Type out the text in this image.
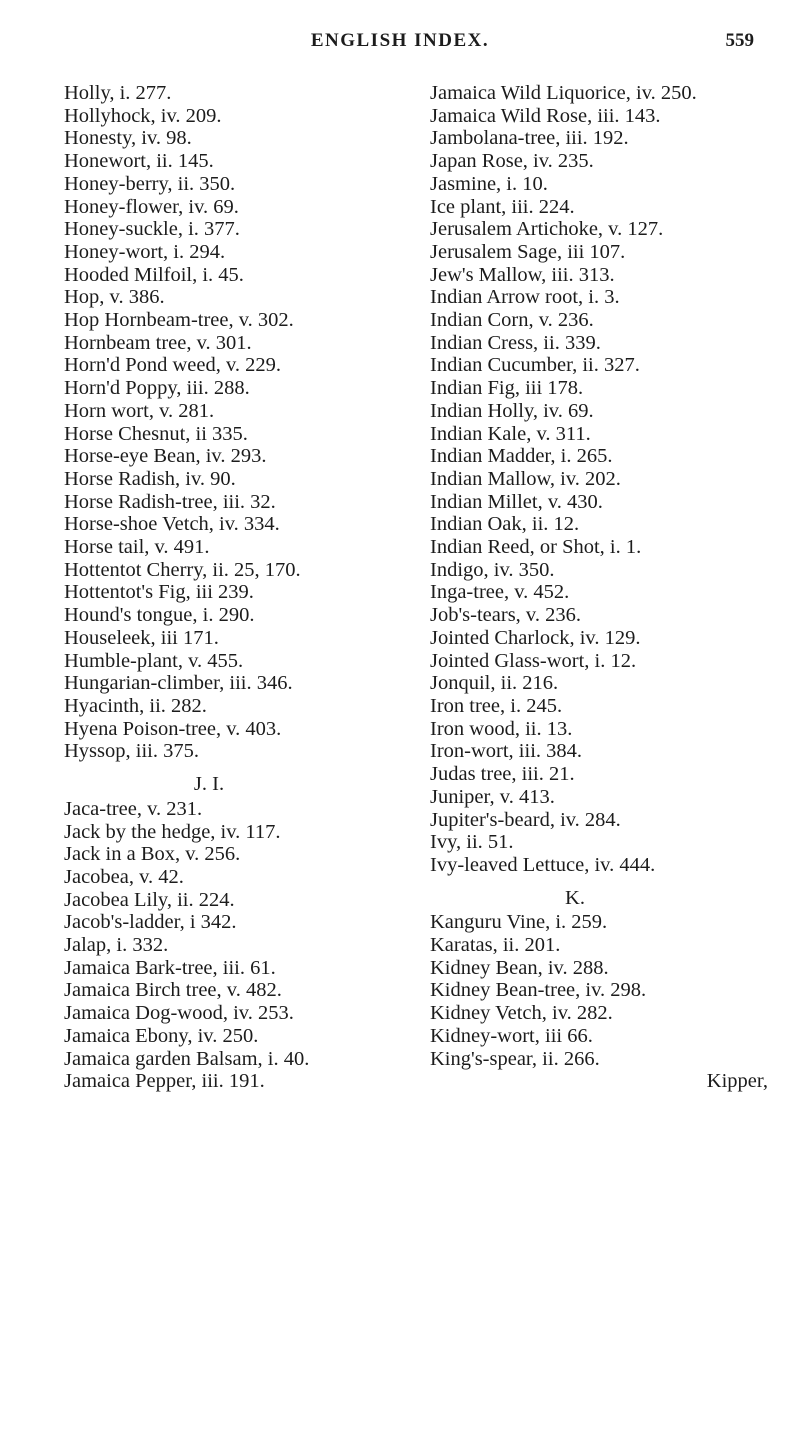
ENGLISH INDEX.	559
Holly, i. 277.
Hollyhock, iv. 209.
Honesty, iv. 98.
Honewort, ii. 145.
Honey-berry, ii. 350.
Honey-flower, iv. 69.
Honey-suckle, i. 377.
Honey-wort, i. 294.
Hooded Milfoil, i. 45.
Hop, v. 386.
Hop Hornbeam-tree, v. 302.
Hornbeam tree, v. 301.
Horn'd Pond weed, v. 229.
Horn'd Poppy, iii. 288.
Horn wort, v. 281.
Horse Chesnut, ii 335.
Horse-eye Bean, iv. 293.
Horse Radish, iv. 90.
Horse Radish-tree, iii. 32.
Horse-shoe Vetch, iv. 334.
Horse tail, v. 491.
Hottentot Cherry, ii. 25, 170.
Hottentot's Fig, iii 239.
Hound's tongue, i. 290.
Houseleek, iii 171.
Humble-plant, v. 455.
Hungarian-climber, iii. 346.
Hyacinth, ii. 282.
Hyena Poison-tree, v. 403.
Hyssop, iii. 375.
J. I.
Jaca-tree, v. 231.
Jack by the hedge, iv. 117.
Jack in a Box, v. 256.
Jacobea, v. 42.
Jacobea Lily, ii. 224.
Jacob's-ladder, i 342.
Jalap, i. 332.
Jamaica Bark-tree, iii. 61.
Jamaica Birch tree, v. 482.
Jamaica Dog-wood, iv. 253.
Jamaica Ebony, iv. 250.
Jamaica garden Balsam, i. 40.
Jamaica Pepper, iii. 191.
Jamaica Wild Liquorice, iv. 250.
Jamaica Wild Rose, iii. 143.
Jambolana-tree, iii. 192.
Japan Rose, iv. 235.
Jasmine, i. 10.
Ice plant, iii. 224.
Jerusalem Artichoke, v. 127.
Jerusalem Sage, iii 107.
Jew's Mallow, iii. 313.
Indian Arrow root, i. 3.
Indian Corn, v. 236.
Indian Cress, ii. 339.
Indian Cucumber, ii. 327.
Indian Fig, iii 178.
Indian Holly, iv. 69.
Indian Kale, v. 311.
Indian Madder, i. 265.
Indian Mallow, iv. 202.
Indian Millet, v. 430.
Indian Oak, ii. 12.
Indian Reed, or Shot, i. 1.
Indigo, iv. 350.
Inga-tree, v. 452.
Job's-tears, v. 236.
Jointed Charlock, iv. 129.
Jointed Glass-wort, i. 12.
Jonquil, ii. 216.
Iron tree, i. 245.
Iron wood, ii. 13.
Iron-wort, iii. 384.
Judas tree, iii. 21.
Juniper, v. 413.
Jupiter's-beard, iv. 284.
Ivy, ii. 51.
Ivy-leaved Lettuce, iv. 444.
K.
Kanguru Vine, i. 259.
Karatas, ii. 201.
Kidney Bean, iv. 288.
Kidney Bean-tree, iv. 298.
Kidney Vetch, iv. 282.
Kidney-wort, iii 66.
King's-spear, ii. 266.
Kipper,
